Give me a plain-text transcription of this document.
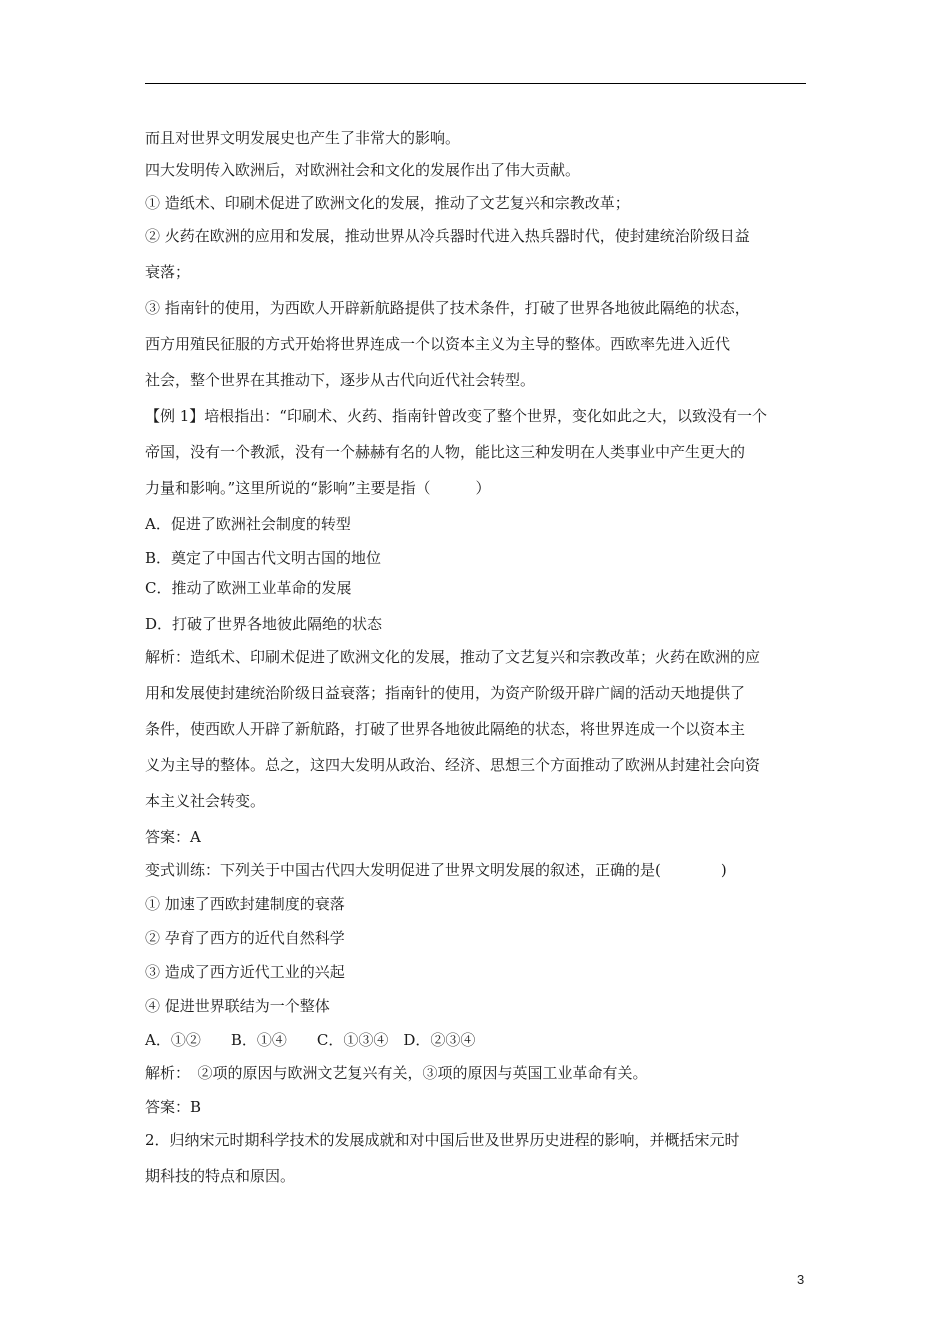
而且对世界文明发展史也产生了非常大的影响。
四大发明传入欧洲后，对欧洲社会和文化的发展作出了伟大贡献。
① 造纸术、印刷术促进了欧洲文化的发展，推动了文艺复兴和宗教改革；
② 火药在欧洲的应用和发展，推动世界从冷兵器时代进入热兵器时代，使封建统治阶级日益
衰落；
③ 指南针的使用，为西欧人开辟新航路提供了技术条件，打破了世界各地彼此隔绝的状态，
西方用殖民征服的方式开始将世界连成一个以资本主义为主导的整体。西欧率先进入近代
社会，整个世界在其推动下，逐步从古代向近代社会转型。
【例 1】培根指出：“印刷术、火药、指南针曾改变了整个世界，变化如此之大，以致没有一个
帝国，没有一个教派，没有一个赫赫有名的人物，能比这三种发明在人类事业中产生更大的
力量和影响。”这里所说的“影响”主要是指（　　　）
A．促进了欧洲社会制度的转型
B．奠定了中国古代文明古国的地位
C．推动了欧洲工业革命的发展
D．打破了世界各地彼此隔绝的状态
解析：造纸术、印刷术促进了欧洲文化的发展，推动了文艺复兴和宗教改革；火药在欧洲的应
用和发展使封建统治阶级日益衰落；指南针的使用，为资产阶级开辟广阔的活动天地提供了
条件，使西欧人开辟了新航路，打破了世界各地彼此隔绝的状态，将世界连成一个以资本主
义为主导的整体。总之，这四大发明从政治、经济、思想三个方面推动了欧洲从封建社会向资
本主义社会转变。
答案：A
变式训练：下列关于中国古代四大发明促进了世界文明发展的叙述，正确的是(　　　　)
① 加速了西欧封建制度的衰落
② 孕育了西方的近代自然科学
③ 造成了西方近代工业的兴起
④ 促进世界联结为一个整体
A．①②　　B．①④　　C．①③④　D．②③④
解析：　②项的原因与欧洲文艺复兴有关，③项的原因与英国工业革命有关。
答案：B
2．归纳宋元时期科学技术的发展成就和对中国后世及世界历史进程的影响，并概括宋元时
期科技的特点和原因。
3
